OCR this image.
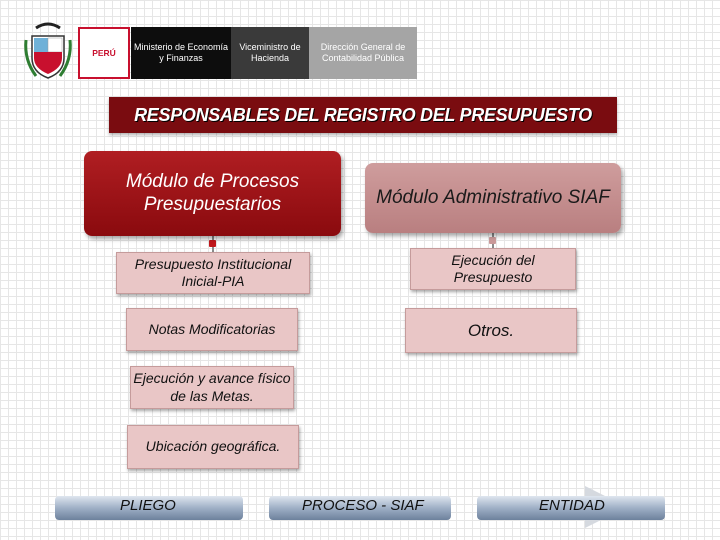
PERÚ
Ministerio de Economía y Finanzas
Viceministro de Hacienda
Dirección General de Contabilidad Pública
RESPONSABLES DEL REGISTRO DEL PRESUPUESTO
Módulo de Procesos Presupuestarios	Módulo Administrativo SIAF
Presupuesto Institucional Inicial-PIA
Notas Modificatorias
Ejecución y avance físico de las Metas.
Ubicación geográfica.
Ejecución del Presupuesto
Otros.
PLIEGO	PROCESO - SIAF	ENTIDAD
